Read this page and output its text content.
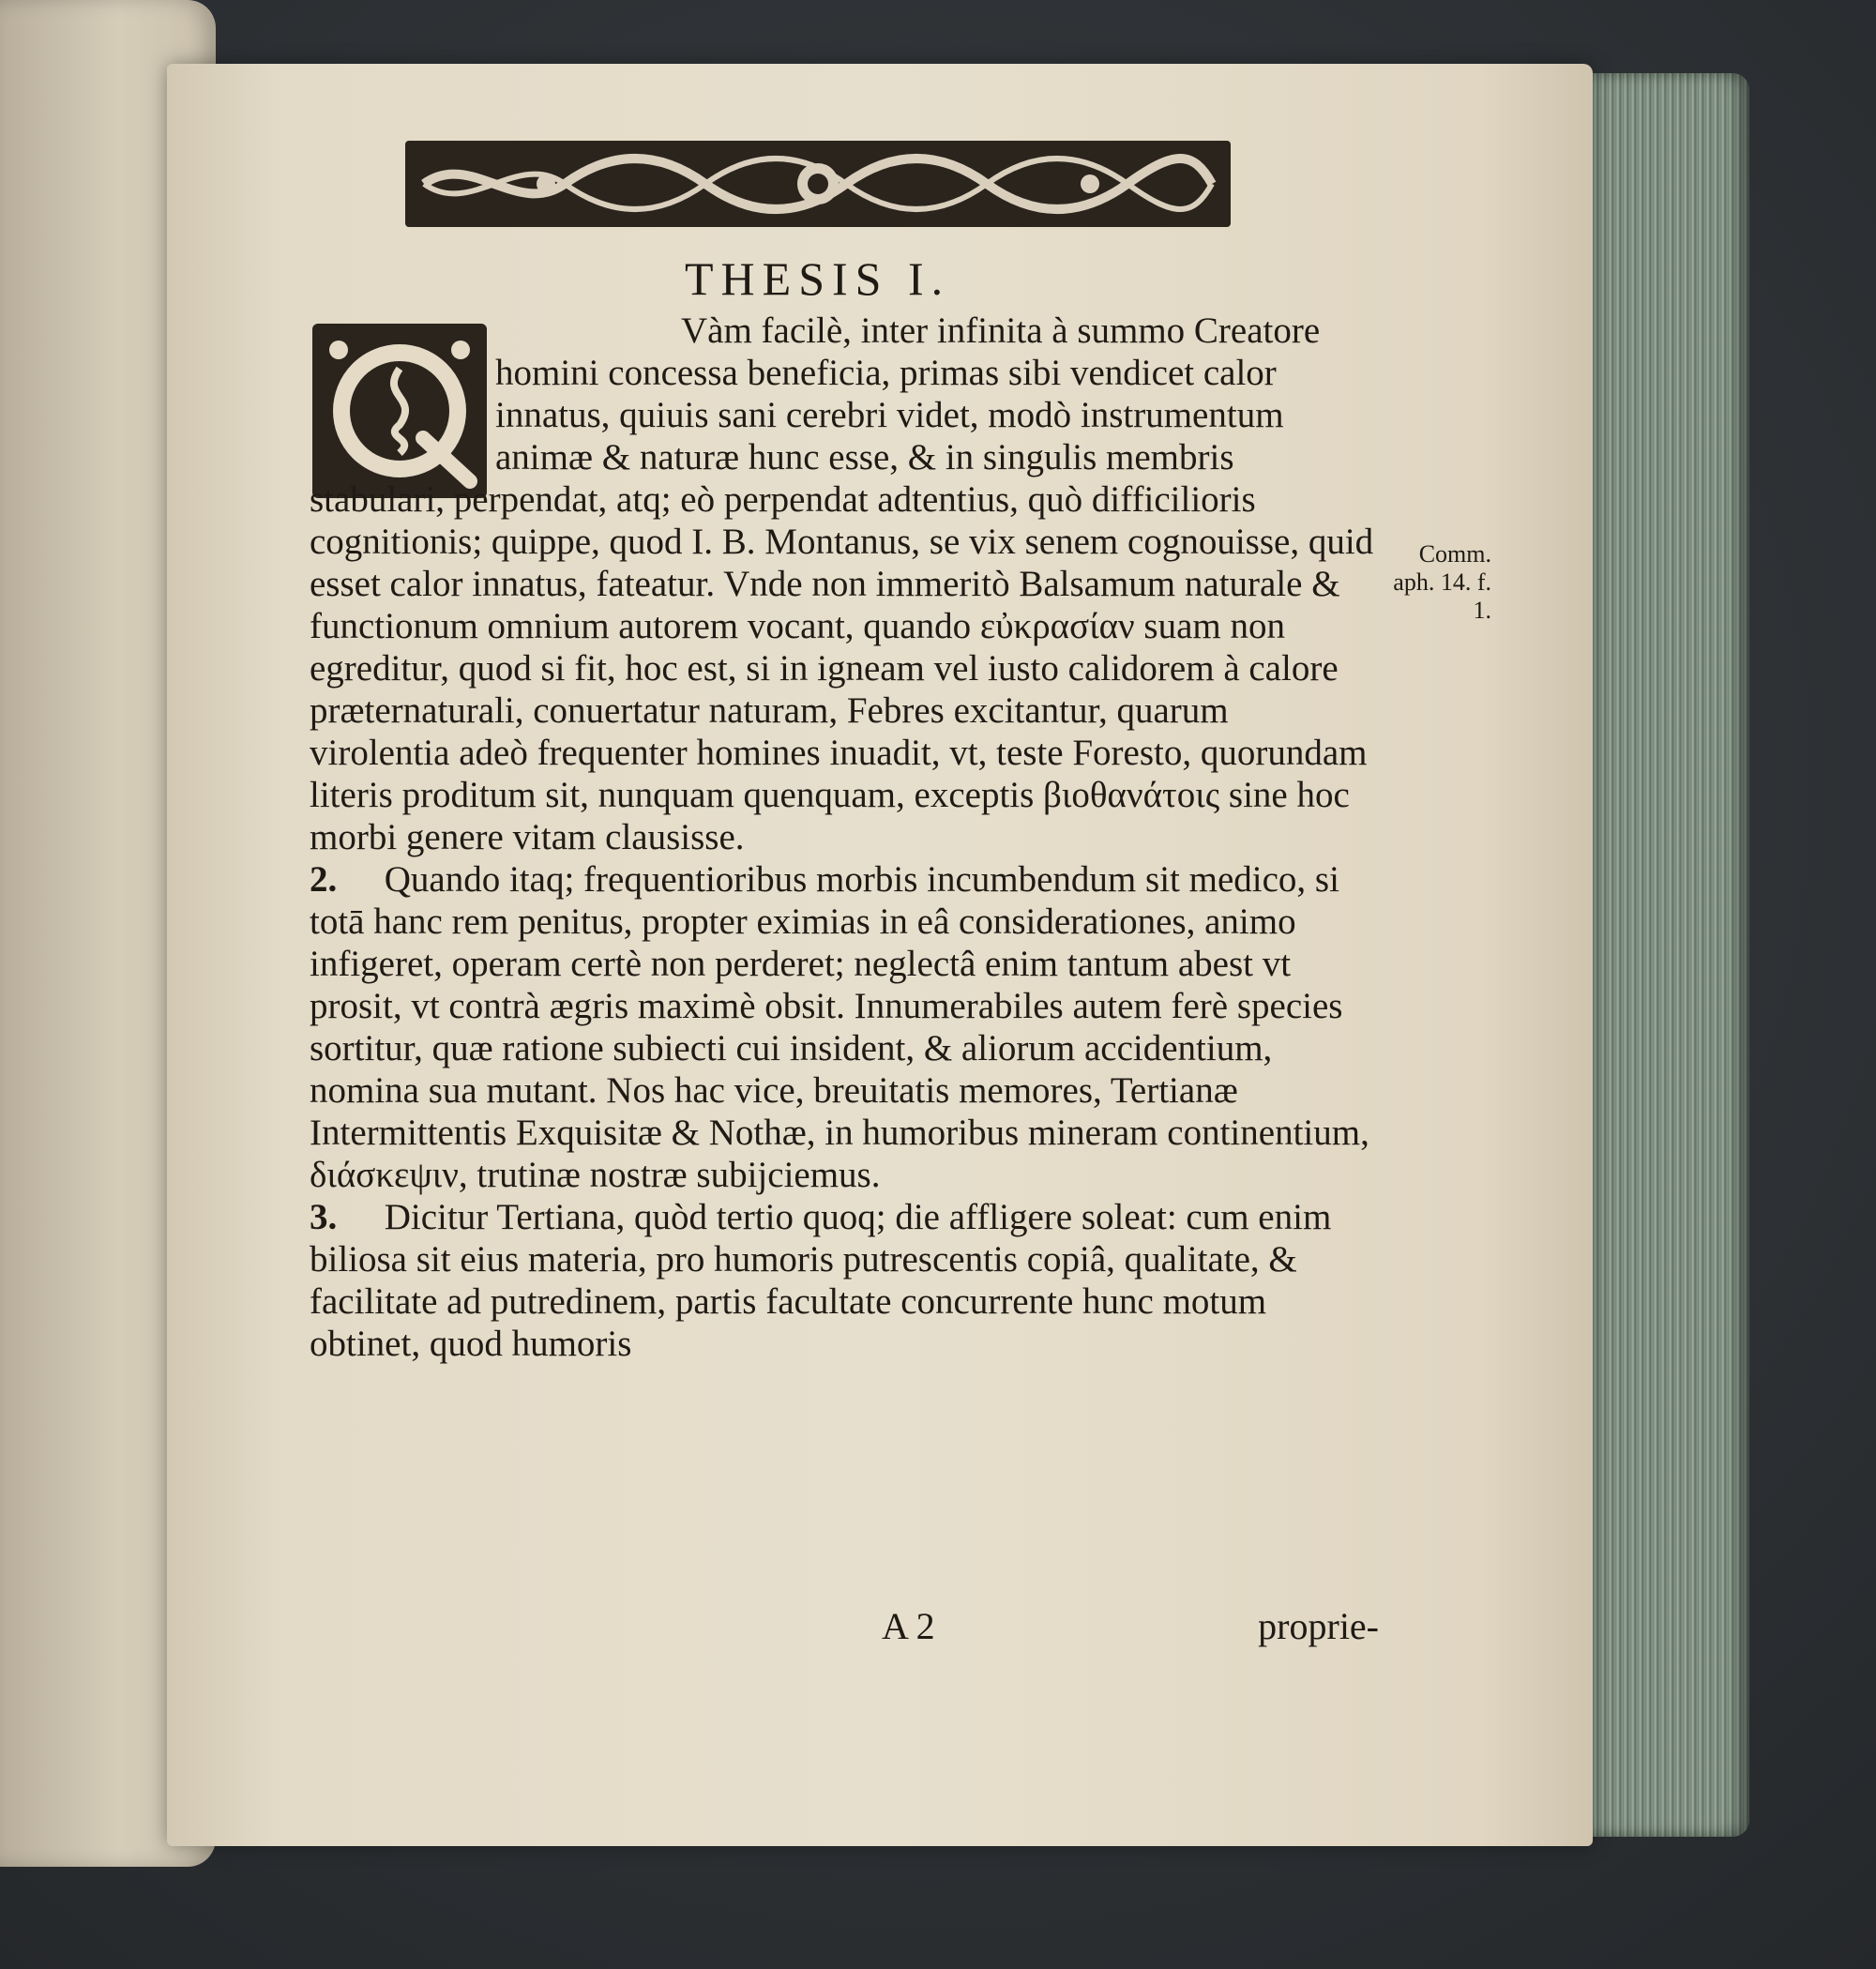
THESIS I.

Vàm facilè, inter infinita à summo Creatore homini concessa beneficia, primas sibi vendicet calor innatus, quiuis sani cerebri videt, modò instrumentum animæ & naturæ hunc esse, & in singulis membris stabulari, perpendat, atq; eò perpendat adtentius, quò difficilioris cognitionis; quippe, quod I. B. Montanus, se vix senem cognouisse, quid esset calor innatus, fateatur. Vnde non immeritò Balsamum naturale & functionum omnium autorem vocant, quando εὐκρασίαν suam non egreditur, quod si fit, hoc est, si in igneam vel iusto calidorem à calore præternaturali, conuertatur naturam, Febres excitantur, quarum virolentia adeò frequenter homines inuadit, vt, teste Foresto, quorundam literis proditum sit, nunquam quenquam, exceptis βιοθανάτοις sine hoc morbi genere vitam clausisse.

2. Quando itaq; frequentioribus morbis incumbendum sit medico, si totā hanc rem penitus, propter eximias in eâ considerationes, animo infigeret, operam certè non perderet; neglectâ enim tantum abest vt prosit, vt contrà ægris maximè obsit. Innumerabiles autem ferè species sortitur, quæ ratione subiecti cui insident, & aliorum accidentium, nomina sua mutant. Nos hac vice, breuitatis memores, Tertianæ Intermittentis Exquisitæ & Nothæ, in humoribus mineram continentium, διάσκεψιν, trutinæ nostræ subijciemus.

3. Dicitur Tertiana, quòd tertio quoq; die affligere soleat: cum enim biliosa sit eius materia, pro humoris putrescentis copiâ, qualitate, & facilitate ad putredinem, partis facultate concurrente hunc motum obtinet, quod humoris

Comm. aph. 14. f. 1.
A 2	proprie-
